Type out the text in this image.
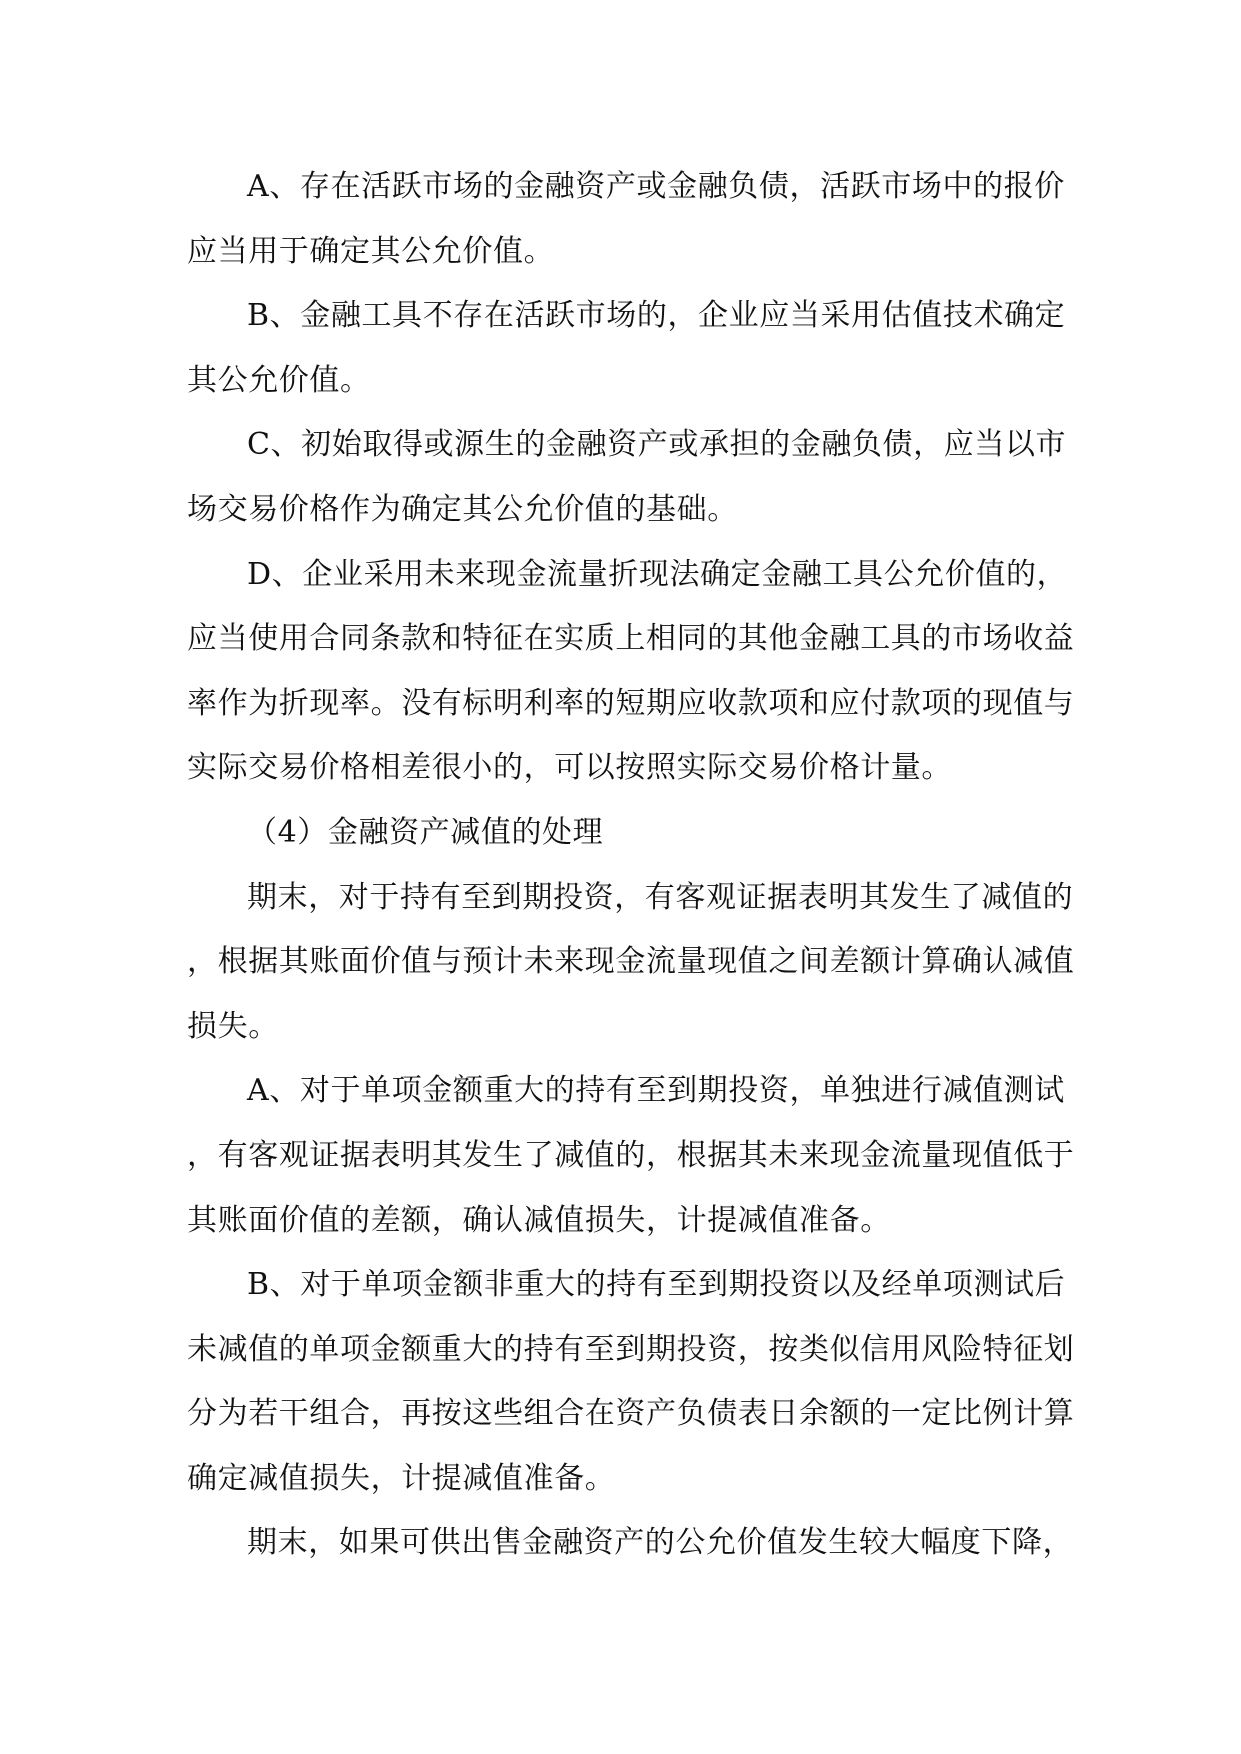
A、存在活跃市场的金融资产或金融负债，活跃市场中的报价
应当用于确定其公允价值。
B、金融工具不存在活跃市场的，企业应当采用估值技术确定
其公允价值。
C、初始取得或源生的金融资产或承担的金融负债，应当以市
场交易价格作为确定其公允价值的基础。
D、企业采用未来现金流量折现法确定金融工具公允价值的，
应当使用合同条款和特征在实质上相同的其他金融工具的市场收益
率作为折现率。没有标明利率的短期应收款项和应付款项的现值与
实际交易价格相差很小的，可以按照实际交易价格计量。
（4）金融资产减值的处理
期末，对于持有至到期投资，有客观证据表明其发生了减值的
，根据其账面价值与预计未来现金流量现值之间差额计算确认减值
损失。
A、对于单项金额重大的持有至到期投资，单独进行减值测试
，有客观证据表明其发生了减值的，根据其未来现金流量现值低于
其账面价值的差额，确认减值损失，计提减值准备。
B、对于单项金额非重大的持有至到期投资以及经单项测试后
未减值的单项金额重大的持有至到期投资，按类似信用风险特征划
分为若干组合，再按这些组合在资产负债表日余额的一定比例计算
确定减值损失，计提减值准备。
期末，如果可供出售金融资产的公允价值发生较大幅度下降，
